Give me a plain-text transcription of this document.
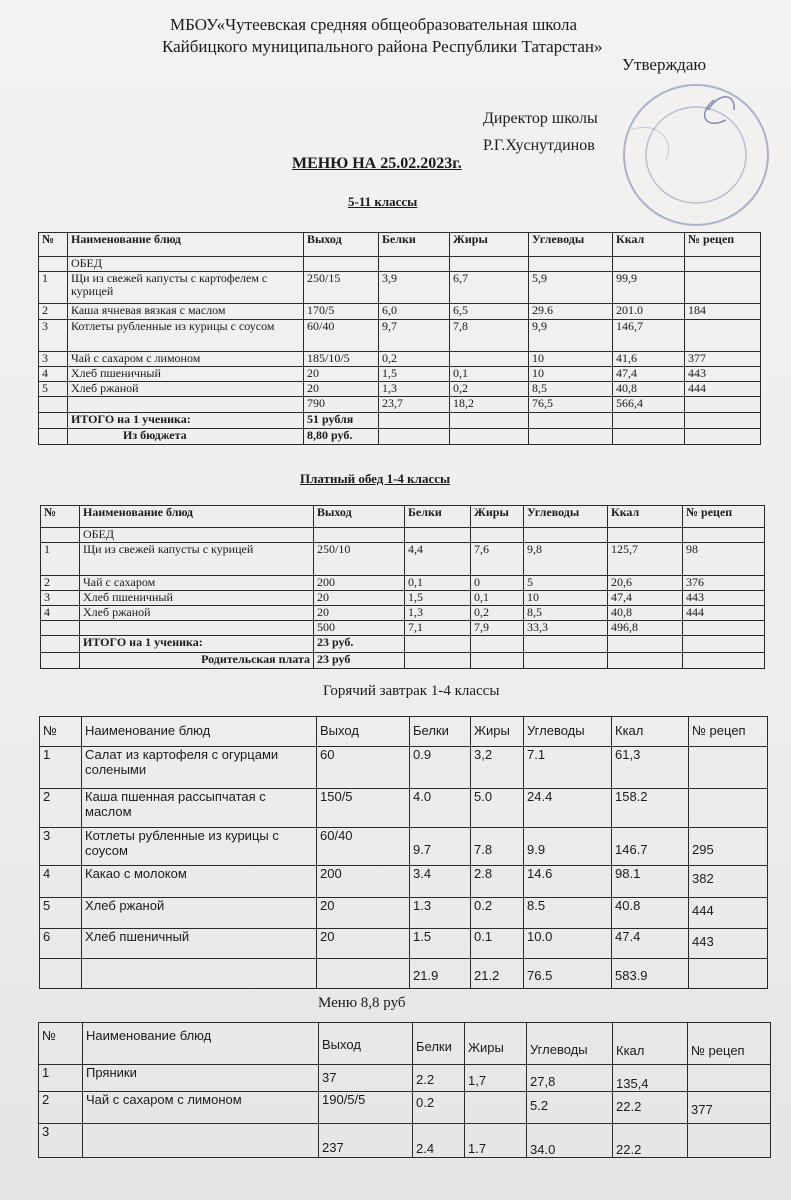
МБОУ«Чутеевская средняя общеобразовательная школа
Кайбицкого муниципального района Республики Татарстан»
Утверждаю
Директор школы
Р.Г.Хуснутдинов
МЕНЮ НА 25.02.2023г.
5-11 классы
№	Наименование блюд	Выход	Белки	Жиры	Углеводы	Ккал	№ рецеп
	ОБЕД						
1	Щи из свежей капусты с картофелем с курицей	250/15	3,9	6,7	5,9	99,9	
2	Каша ячневая вязкая с маслом	170/5	6,0	6,5	29.6	201.0	184
3	Котлеты рубленные из курицы с соусом	60/40	9,7	7,8	9,9	146,7	
3	Чай с сахаром с лимоном	185/10/5	0,2		10	41,6	377
4	Хлеб пшеничный	20	1,5	0,1	10	47,4	443
5	Хлеб ржаной	20	1,3	0,2	8,5	40,8	444
		790	23,7	18,2	76,5	566,4	
	ИТОГО на 1 ученика:	51 рубля					
	Из бюджета	8,80 руб.					
Платный обед 1-4 классы
№	Наименование блюд	Выход	Белки	Жиры	Углеводы	Ккал	№ рецеп
	ОБЕД						
1	Щи из свежей капусты с курицей	250/10	4,4	7,6	9,8	125,7	98
2	Чай с сахаром	200	0,1	0	5	20,6	376
3	Хлеб пшеничный	20	1,5	0,1	10	47,4	443
4	Хлеб ржаной	20	1,3	0,2	8,5	40,8	444
		500	7,1	7,9	33,3	496,8	
	ИТОГО на 1 ученика:	23 руб.					
	Родительская плата	23 руб					
Горячий завтрак 1-4 классы
№	Наименование блюд	Выход	Белки	Жиры	Углеводы	Ккал	№ рецеп
1	Салат из картофеля с огурцами солеными	60	0.9	3,2	7.1	61,3	
2	Каша пшенная рассыпчатая с маслом	150/5	4.0	5.0	24.4	158.2	
3	Котлеты рубленные из курицы с соусом	60/40	9.7	7.8	9.9	146.7	295
4	Какао с молоком	200	3.4	2.8	14.6	98.1	382
5	Хлеб ржаной	20	1.3	0.2	8.5	40.8	444
6	Хлеб пшеничный	20	1.5	0.1	10.0	47.4	443
			21.9	21.2	76.5	583.9	
Меню 8,8 руб
№	Наименование блюд	Выход	Белки	Жиры	Углеводы	Ккал	№ рецеп
1	Пряники	37	2.2	1,7	27,8	135,4	
2	Чай с сахаром с лимоном	190/5/5	0.2		5.2	22.2	377
3		237	2.4	1.7	34.0	22.2	
